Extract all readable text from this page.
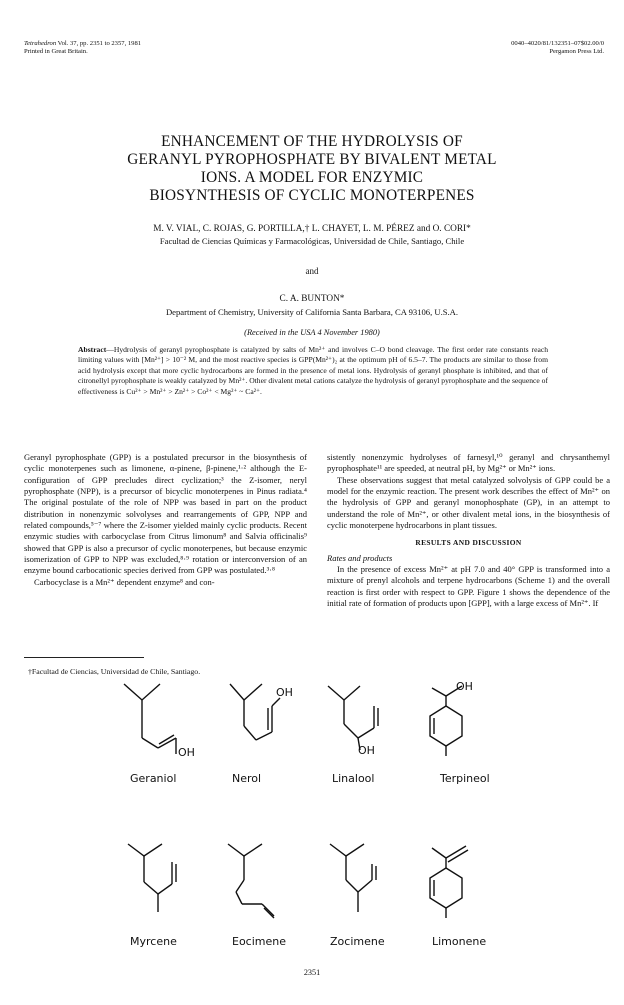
Tetrahedron Vol. 37, pp. 2351 to 2357, 1981
Printed in Great Britain.
0040–4020/81/132351–07$02.00/0
Pergamon Press Ltd.
ENHANCEMENT OF THE HYDROLYSIS OF
GERANYL PYROPHOSPHATE BY BIVALENT METAL
IONS. A MODEL FOR ENZYMIC
BIOSYNTHESIS OF CYCLIC MONOTERPENES
M. V. VIAL, C. ROJAS, G. PORTILLA,† L. CHAYET, L. M. PÉREZ and O. CORI*
Facultad de Ciencias Químicas y Farmacológicas, Universidad de Chile, Santiago, Chile
and
C. A. BUNTON*
Department of Chemistry, University of California Santa Barbara, CA 93106, U.S.A.
(Received in the USA 4 November 1980)
Abstract—Hydrolysis of geranyl pyrophosphate is catalyzed by salts of Mn²⁺ and involves C–O bond cleavage. The first order rate constants reach limiting values with [Mn²⁺] > 10⁻² M, and the most reactive species is GPP(Mn²⁺)₂ at the optimum pH of 6.5–7. The products are similar to those from acid hydrolysis except that more cyclic hydrocarbons are formed in the presence of metal ions. Hydrolysis of geranyl phosphate is inhibited, and that of citronellyl pyrophosphate is weakly catalyzed by Mn²⁺. Other divalent metal cations catalyze the hydrolysis of geranyl pyrophosphate and the sequence of effectiveness is Cu²⁺ > Mn²⁺ > Zn²⁺ > Co²⁺ < Mg²⁺ ~ Ca²⁺.

Geranyl pyrophosphate (GPP) is a postulated precursor in the biosynthesis of cyclic monoterpenes such as limonene, α-pinene, β-pinene,¹·² although the E-configuration of GPP precludes direct cyclization;³ the Z-isomer, neryl pyrophosphate (NPP), is a precursor of bicyclic monoterpenes in Pinus radiata.⁴ The original postulate of the role of NPP was based in part on the product distribution in nonenzymic solvolyses and rearrangements of GPP, NPP and related compounds,⁵⁻⁷ where the Z-isomer yielded mainly cyclic products. Recent enzymic studies with carbocyclase from Citrus limonum⁸ and Salvia officinalis⁹ showed that GPP is also a precursor of cyclic monoterpenes, but because enzymic isomerization of GPP to NPP was excluded,⁸·⁹ rotation or interconversion of an enzyme bound carbocationic species derived from GPP was postulated.³·⁸

Carbocyclase is a Mn²⁺ dependent enzyme⁸ and con-

sistently nonenzymic hydrolyses of farnesyl,¹⁰ geranyl and chrysanthemyl pyrophosphate¹¹ are speeded, at neutral pH, by Mg²⁺ or Mn²⁺ ions.

These observations suggest that metal catalyzed solvolysis of GPP could be a model for the enzymic reaction. The present work describes the effect of Mn²⁺ on the hydrolysis of GPP and geranyl monophosphate (GP), in an attempt to understand the role of Mn²⁺, or other divalent metal ions, in the biosynthesis of cyclic monoterpene hydrocarbons in plant tissues.

RESULTS AND DISCUSSION
Rates and products

In the presence of excess Mn²⁺ at pH 7.0 and 40° GPP is transformed into a mixture of prenyl alcohols and terpene hydrocarbons (Scheme 1) and the overall reaction is first order with respect to GPP. Figure 1 shows the dependence of the initial rate of formation of products upon [GPP], with a large excess of Mn²⁺. If

†Facultad de Ciencias, Universidad de Chile, Santiago.
OH
Geraniol
OH
Nerol
OH
Linalool
OH
Terpineol
Myrcene	Eocimene	Zocimene	Limonene
2351
